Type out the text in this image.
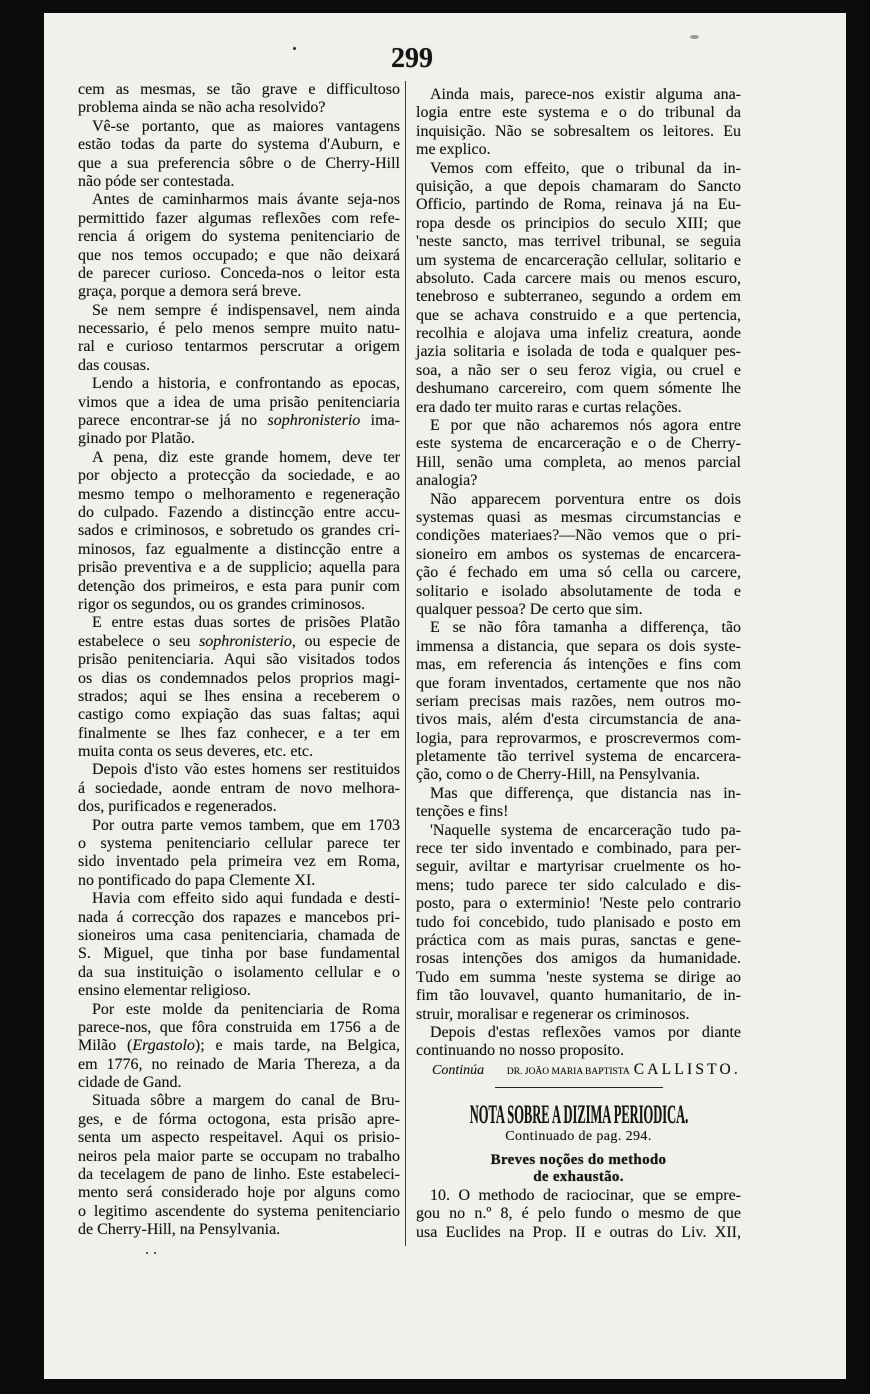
299
cem as mesmas, se tão grave e difficultoso
problema ainda se não acha resolvido?
Vê-se portanto, que as maiores vantagens
estão todas da parte do systema d'Auburn, e
que a sua preferencia sôbre o de Cherry-Hill
não póde ser contestada.
Antes de caminharmos mais ávante seja-nos
permittido fazer algumas reflexões com refe-
rencia á origem do systema penitenciario de
que nos temos occupado; e que não deixará
de parecer curioso. Conceda-nos o leitor esta
graça, porque a demora será breve.
Se nem sempre é indispensavel, nem ainda
necessario, é pelo menos sempre muito natu-
ral e curioso tentarmos perscrutar a origem
das cousas.
Lendo a historia, e confrontando as epocas,
vimos que a idea de uma prisão penitenciaria
parece encontrar-se já no sophronisterio ima-
ginado por Platão.
A pena, diz este grande homem, deve ter
por objecto a protecção da sociedade, e ao
mesmo tempo o melhoramento e regeneração
do culpado. Fazendo a distincção entre accu-
sados e criminosos, e sobretudo os grandes cri-
minosos, faz egualmente a distincção entre a
prisão preventiva e a de supplicio; aquella para
detenção dos primeiros, e esta para punir com
rigor os segundos, ou os grandes criminosos.
E entre estas duas sortes de prisões Platão
estabelece o seu sophronisterio, ou especie de
prisão penitenciaria. Aqui são visitados todos
os dias os condemnados pelos proprios magi-
strados; aqui se lhes ensina a receberem o
castigo como expiação das suas faltas; aqui
finalmente se lhes faz conhecer, e a ter em
muita conta os seus deveres, etc. etc.
Depois d'isto vão estes homens ser restituidos
á sociedade, aonde entram de novo melhora-
dos, purificados e regenerados.
Por outra parte vemos tambem, que em 1703
o systema penitenciario cellular parece ter
sido inventado pela primeira vez em Roma,
no pontificado do papa Clemente XI.
Havia com effeito sido aqui fundada e desti-
nada á correcção dos rapazes e mancebos pri-
sioneiros uma casa penitenciaria, chamada de
S. Miguel, que tinha por base fundamental
da sua instituição o isolamento cellular e o
ensino elementar religioso.
Por este molde da penitenciaria de Roma
parece-nos, que fôra construida em 1756 a de
Milão (Ergastolo); e mais tarde, na Belgica,
em 1776, no reinado de Maria Thereza, a da
cidade de Gand.
Situada sôbre a margem do canal de Bru-
ges, e de fórma octogona, esta prisão apre-
senta um aspecto respeitavel. Aqui os prisio-
neiros pela maior parte se occupam no trabalho
da tecelagem de pano de linho. Este estabeleci-
mento será considerado hoje por alguns como
o legitimo ascendente do systema penitenciario
de Cherry-Hill, na Pensylvania.
Ainda mais, parece-nos existir alguma ana-
logia entre este systema e o do tribunal da
inquisição. Não se sobresaltem os leitores. Eu
me explico.
Vemos com effeito, que o tribunal da in-
quisição, a que depois chamaram do Sancto
Officio, partindo de Roma, reinava já na Eu-
ropa desde os principios do seculo XIII; que
'neste sancto, mas terrivel tribunal, se seguia
um systema de encarceração cellular, solitario e
absoluto. Cada carcere mais ou menos escuro,
tenebroso e subterraneo, segundo a ordem em
que se achava construido e a que pertencia,
recolhia e alojava uma infeliz creatura, aonde
jazia solitaria e isolada de toda e qualquer pes-
soa, a não ser o seu feroz vigia, ou cruel e
deshumano carcereiro, com quem sómente lhe
era dado ter muito raras e curtas relações.
E por que não acharemos nós agora entre
este systema de encarceração e o de Cherry-
Hill, senão uma completa, ao menos parcial
analogia?
Não apparecem porventura entre os dois
systemas quasi as mesmas circumstancias e
condições materiaes?—Não vemos que o pri-
sioneiro em ambos os systemas de encarcera-
ção é fechado em uma só cella ou carcere,
solitario e isolado absolutamente de toda e
qualquer pessoa? De certo que sim.
E se não fôra tamanha a differença, tão
immensa a distancia, que separa os dois syste-
mas, em referencia ás intenções e fins com
que foram inventados, certamente que nos não
seriam precisas mais razões, nem outros mo-
tivos mais, além d'esta circumstancia de ana-
logia, para reprovarmos, e proscrevermos com-
pletamente tão terrivel systema de encarcera-
ção, como o de Cherry-Hill, na Pensylvania.
Mas que differença, que distancia nas in-
tenções e fins!
'Naquelle systema de encarceração tudo pa-
rece ter sido inventado e combinado, para per-
seguir, aviltar e martyrisar cruelmente os ho-
mens; tudo parece ter sido calculado e dis-
posto, para o exterminio! 'Neste pelo contrario
tudo foi concebido, tudo planisado e posto em
práctica com as mais puras, sanctas e gene-
rosas intenções dos amigos da humanidade.
Tudo em summa 'neste systema se dirige ao
fim tão louvavel, quanto humanitario, de in-
struir, moralisar e regenerar os criminosos.
Depois d'estas reflexões vamos por diante
continuando no nosso proposito.
Continúa DR. JOÃO MARIA BAPTISTA CALLISTO.
NOTA SOBRE A DIZIMA PERIODICA.
Continuado de pag. 294.
Breves noções do methodo
de exhaustão.
10. O methodo de raciocinar, que se empre-
gou no n.º 8, é pelo fundo o mesmo de que
usa Euclides na Prop. II e outras do Liv. XII,
